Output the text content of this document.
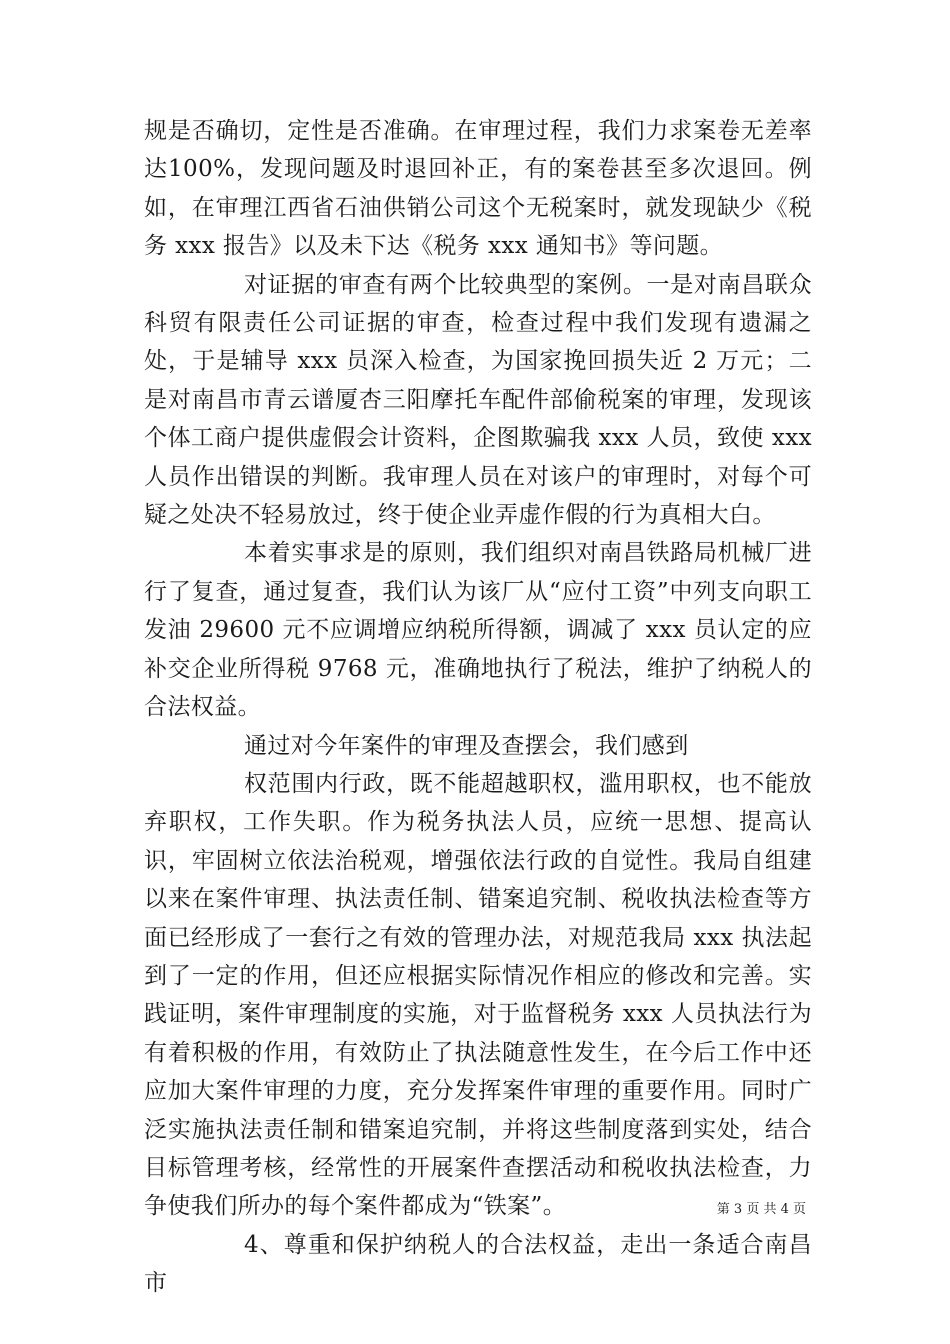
规是否确切，定性是否准确。在审理过程，我们力求案卷无差率达100%，发现问题及时退回补正，有的案卷甚至多次退回。例如，在审理江西省石油供销公司这个无税案时，就发现缺少《税务 xxx 报告》以及未下达《税务 xxx 通知书》等问题。

对证据的审查有两个比较典型的案例。一是对南昌联众科贸有限责任公司证据的审查，检查过程中我们发现有遗漏之处，于是辅导 xxx 员深入检查，为国家挽回损失近 2 万元；二是对南昌市青云谱厦杏三阳摩托车配件部偷税案的审理，发现该个体工商户提供虚假会计资料，企图欺骗我 xxx 人员，致使 xxx 人员作出错误的判断。我审理人员在对该户的审理时，对每个可疑之处决不轻易放过，终于使企业弄虚作假的行为真相大白。

本着实事求是的原则，我们组织对南昌铁路局机械厂进行了复查，通过复查，我们认为该厂从“应付工资”中列支向职工发油 29600 元不应调增应纳税所得额，调减了 xxx 员认定的应补交企业所得税 9768 元，准确地执行了税法，维护了纳税人的合法权益。

通过对今年案件的审理及查摆会，我们感到

权范围内行政，既不能超越职权，滥用职权，也不能放弃职权，工作失职。作为税务执法人员，应统一思想、提高认识，牢固树立依法治税观，增强依法行政的自觉性。我局自组建以来在案件审理、执法责任制、错案追究制、税收执法检查等方面已经形成了一套行之有效的管理办法，对规范我局 xxx 执法起到了一定的作用，但还应根据实际情况作相应的修改和完善。实践证明，案件审理制度的实施，对于监督税务 xxx 人员执法行为有着积极的作用，有效防止了执法随意性发生，在今后工作中还应加大案件审理的力度，充分发挥案件审理的重要作用。同时广泛实施执法责任制和错案追究制，并将这些制度落到实处，结合目标管理考核，经常性的开展案件查摆活动和税收执法检查，力争使我们所办的每个案件都成为“铁案”。

4、尊重和保护纳税人的合法权益，走出一条适合南昌市

第 3 页 共 4 页
